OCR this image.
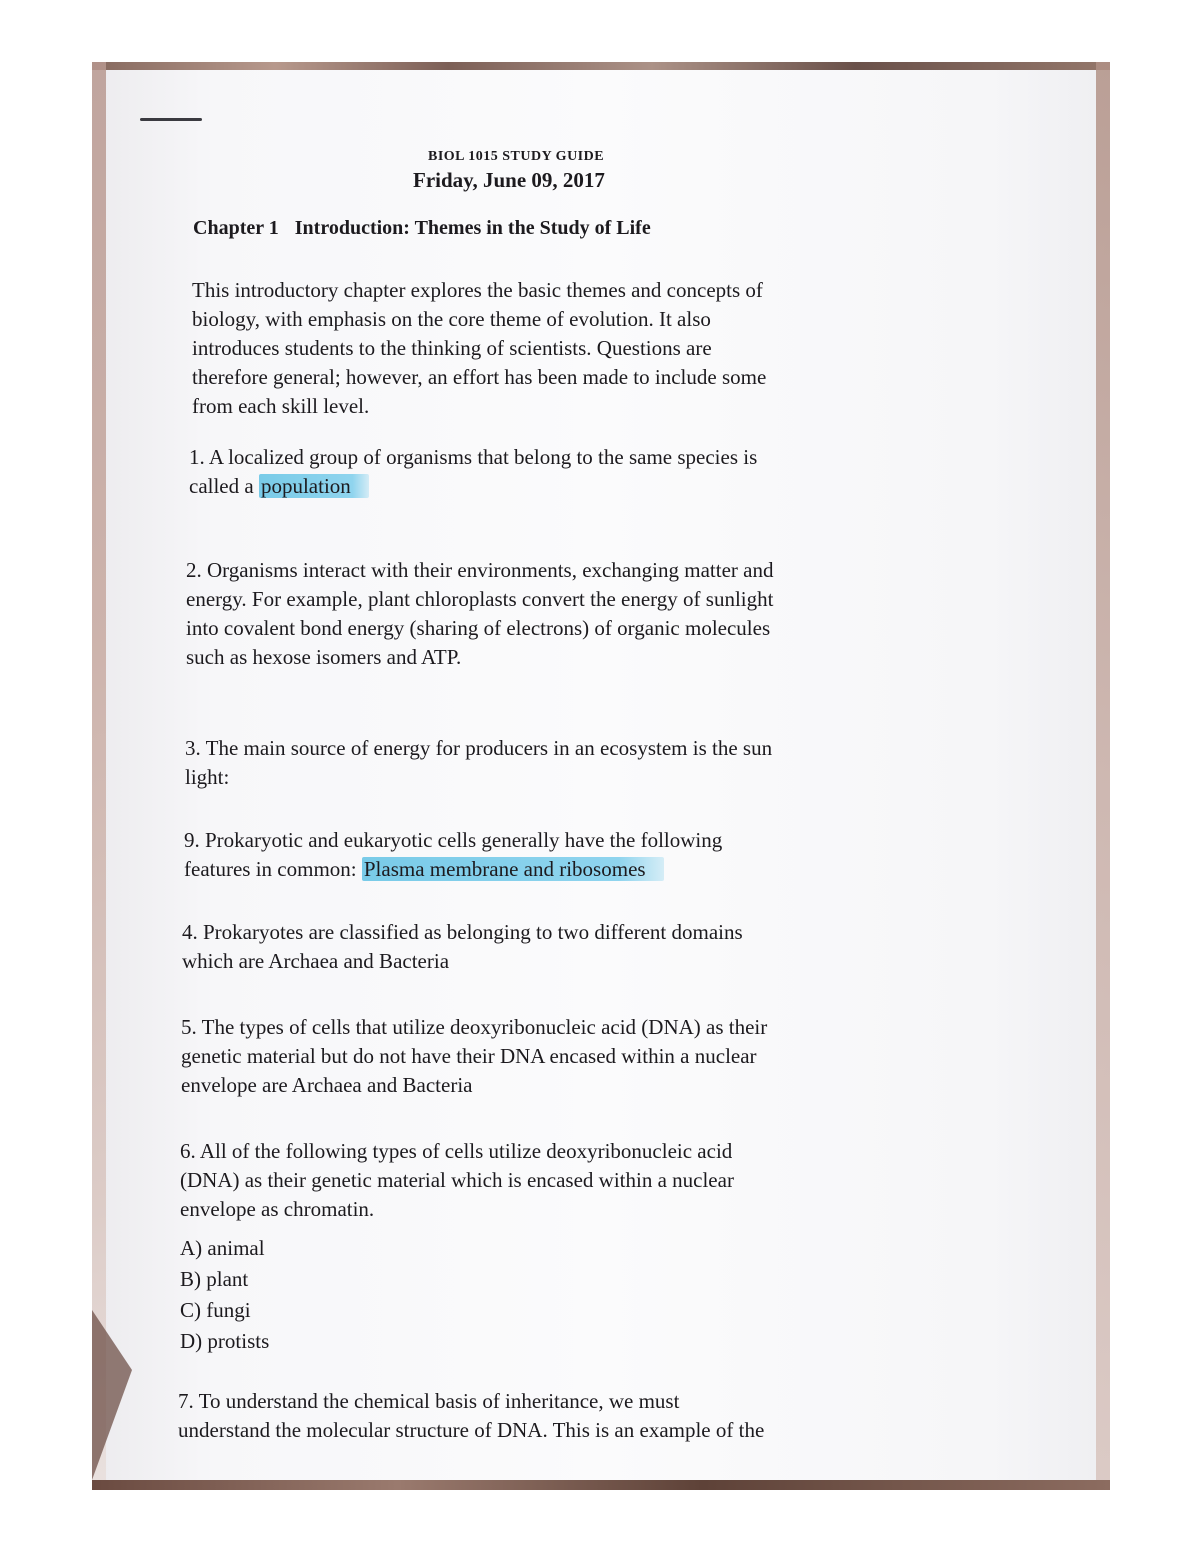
BIOL 1015 STUDY GUIDE
Friday, June 09, 2017
Chapter 1 Introduction: Themes in the Study of Life
This introductory chapter explores the basic themes and concepts of
biology, with emphasis on the core theme of evolution. It also
introduces students to the thinking of scientists. Questions are
therefore general; however, an effort has been made to include some
from each skill level.
1. A localized group of organisms that belong to the same species is
called a population
2. Organisms interact with their environments, exchanging matter and
energy. For example, plant chloroplasts convert the energy of sunlight
into covalent bond energy (sharing of electrons) of organic molecules
such as hexose isomers and ATP.
3. The main source of energy for producers in an ecosystem is the sun
light:
9. Prokaryotic and eukaryotic cells generally have the following
features in common: Plasma membrane and ribosomes
4. Prokaryotes are classified as belonging to two different domains
which are Archaea and Bacteria
5. The types of cells that utilize deoxyribonucleic acid (DNA) as their
genetic material but do not have their DNA encased within a nuclear
envelope are Archaea and Bacteria
6. All of the following types of cells utilize deoxyribonucleic acid
(DNA) as their genetic material which is encased within a nuclear
envelope as chromatin.
A) animal
B) plant
C) fungi
D) protists
7. To understand the chemical basis of inheritance, we must
understand the molecular structure of DNA. This is an example of the
